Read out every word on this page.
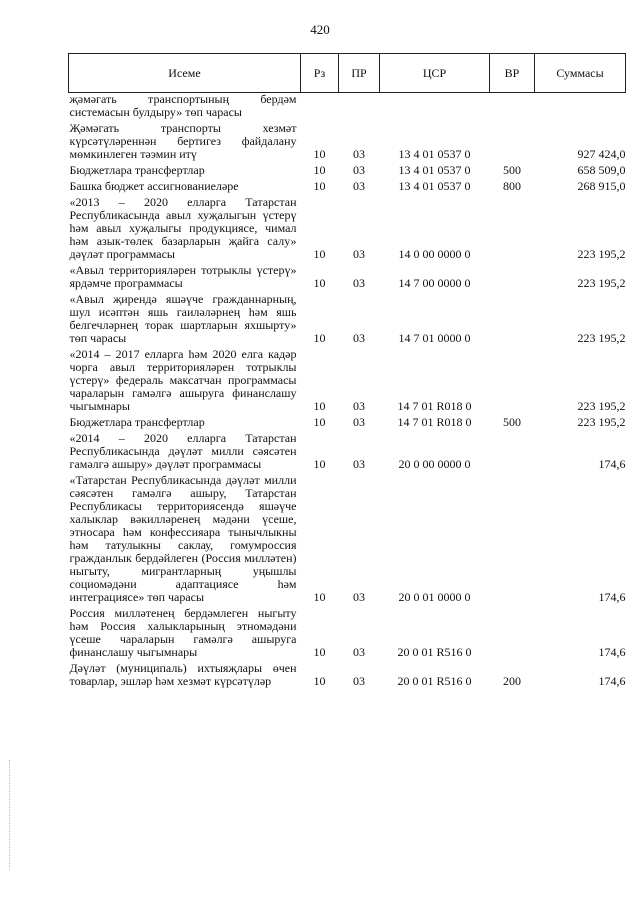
420
Исеме	Рз	ПР	ЦСР	ВР	Суммасы
җәмәгать транспортының бердәм системасын булдыру» төп чарасы					
Җәмәгать транспорты хезмәт күрсәтүләреннән бертигез файдалану мөмкинлеген тәэмин итү	10	03	13 4 01 0537 0		927 424,0
Бюджетлара трансфертлар	10	03	13 4 01 0537 0	500	658 509,0
Башка бюджет ассигнованиеләре	10	03	13 4 01 0537 0	800	268 915,0
«2013 – 2020 елларга Татарстан Республикасында авыл хуҗалыгын үстерү һәм авыл хуҗалыгы продукциясе, чимал һәм азык-төлек базарларын җайга салу» дәүләт программасы	10	03	14 0 00 0000 0		223 195,2
«Авыл территорияләрен тотрыклы үстерү» ярдәмче программасы	10	03	14 7 00 0000 0		223 195,2
«Авыл җирендә яшәүче гражданнарның, шул исәптән яшь гаиләләрнең һәм яшь белгечләрнең торак шартларын яхшырту» төп чарасы	10	03	14 7 01 0000 0		223 195,2
«2014 – 2017 елларга һәм 2020 елга кадәр чорга авыл территорияләрен тотрыклы үстерү» федераль максатчан программасы чараларын гамәлгә ашыруга финанслашу чыгымнары	10	03	14 7 01 R018 0		223 195,2
Бюджетлара трансфертлар	10	03	14 7 01 R018 0	500	223 195,2
«2014 – 2020 елларга Татарстан Республикасында дәүләт милли сәясәтен гамәлгә ашыру» дәүләт программасы	10	03	20 0 00 0000 0		174,6
«Татарстан Республикасында дәүләт милли сәясәтен гамәлгә ашыру, Татарстан Республикасы территориясендә яшәүче халыклар вәкилләренең мәдәни үсеше, этносара һәм конфессияара тынычлыкны һәм татулыкны саклау, гомумроссия гражданлык бердәйлеген (Россия милләтен) ныгыту, мигрантларның уңышлы социомәдәни адаптациясе һәм интеграциясе» төп чарасы	10	03	20 0 01 0000 0		174,6
Россия милләтенең бердәмлеген ныгыту һәм Россия халыкларының этномәдәни үсеше чараларын гамәлгә ашыруга финанслашу чыгымнары	10	03	20 0 01 R516 0		174,6
Дәүләт (муниципаль) ихтыяҗлары өчен товарлар, эшләр һәм хезмәт күрсәтүләр	10	03	20 0 01 R516 0	200	174,6
